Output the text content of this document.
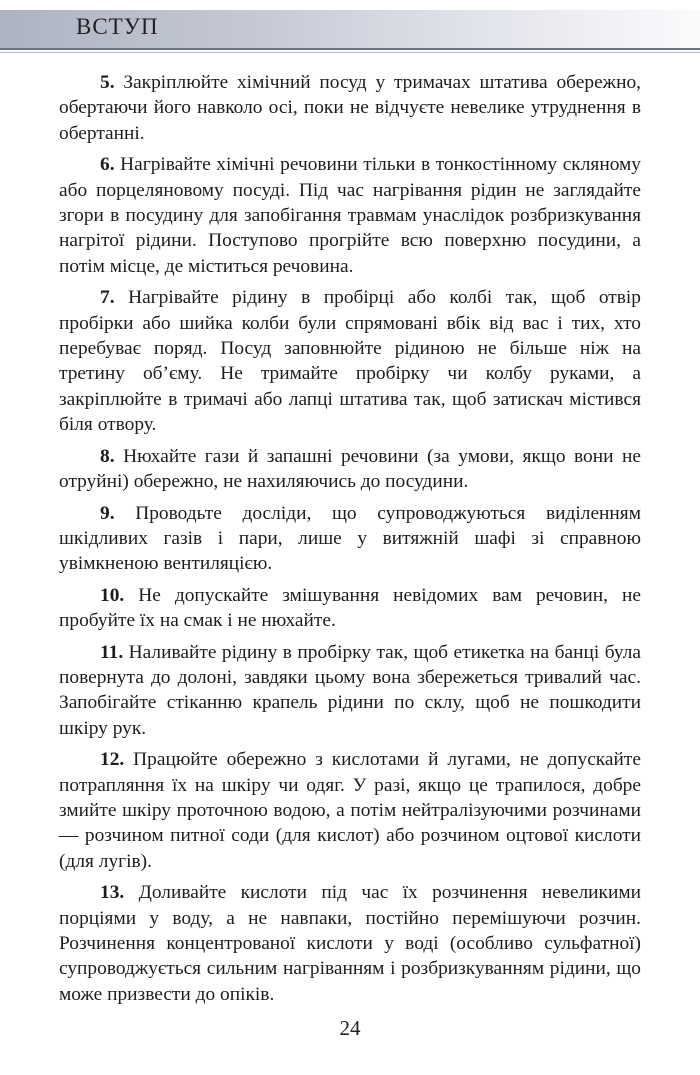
ВСТУП

5. Закріплюйте хімічний посуд у тримачах штатива обережно, обертаючи його навколо осі, поки не відчуєте невелике утруднення в обертанні.

6. Нагрівайте хімічні речовини тільки в тонкостінному скляному або порцеляновому посуді. Під час нагрівання рідин не заглядайте згори в посудину для запобігання травмам унаслідок розбризкування нагрітої рідини. Поступово прогрійте всю поверхню посудини, а потім місце, де міститься речовина.

7. Нагрівайте рідину в пробірці або колбі так, щоб отвір пробірки або шийка колби були спрямовані вбік від вас і тих, хто перебуває поряд. Посуд заповнюйте рідиною не більше ніж на третину об’єму. Не тримайте пробірку чи колбу руками, а закріплюйте в тримачі або лапці штатива так, щоб затискач містився біля отвору.

8. Нюхайте гази й запашні речовини (за умови, якщо вони не отруйні) обережно, не нахиляючись до посудини.

9. Проводьте досліди, що супроводжуються виділенням шкідливих газів і пари, лише у витяжній шафі зі справною увімкненою вентиляцією.

10. Не допускайте змішування невідомих вам речовин, не пробуйте їх на смак і не нюхайте.

11. Наливайте рідину в пробірку так, щоб етикетка на банці була повернута до долоні, завдяки цьому вона збережеться тривалий час. Запобігайте стіканню крапель рідини по склу, щоб не пошкодити шкіру рук.

12. Працюйте обережно з кислотами й лугами, не допускайте потрапляння їх на шкіру чи одяг. У разі, якщо це трапилося, добре змийте шкіру проточною водою, а потім нейтралізуючими розчинами — розчином питної соди (для кислот) або розчином оцтової кислоти (для лугів).

13. Доливайте кислоти під час їх розчинення невеликими порціями у воду, а не навпаки, постійно перемішуючи розчин. Розчинення концентрованої кислоти у воді (особливо сульфатної) супроводжується сильним нагріванням і розбризкуванням рідини, що може призвести до опіків.

24
